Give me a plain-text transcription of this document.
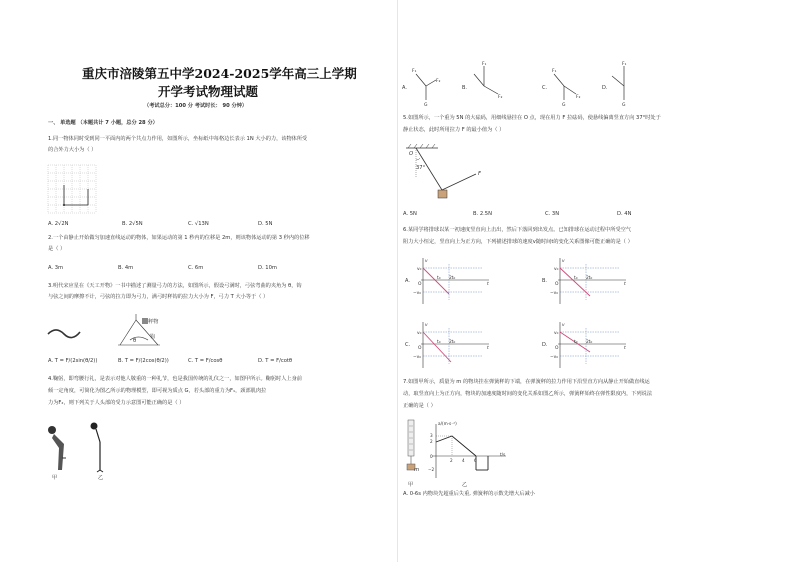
重庆市涪陵第五中学2024-2025学年高三上学期
开学考试物理试题
（考试总分：100 分 考试时长： 90 分钟）
一、 单选题 （本题共计 7 小题，总分 28 分）
1.同一物体同时受到同一平面内的两个共点力作用，如图所示，坐标纸中每格边长表示 1N 大小的力，该物体所受
的合外力大小为（ ）
A. 2√2N	B. 2√5N	C. √13N	D. 5N
2.一个由静止开始做匀加速直线运动的物体，如果运动的第 1 秒内的位移是 2m，则该物体运动的第 3 秒内的位移
是（ ）
A. 3m	B. 4m	C. 6m	D. 10m
3.明代宋应星在《天工开物》一书中描述了测量弓力的方法，如图所示，假设弓满时，弓弦弯曲的夹角为 θ，钩
与弦之间的摩擦不计，弓弦的拉力即为弓力，满弓时秤钩的拉力大小为 F，弓力 T 大小等于（ ）
秤物
钩
θ
A. T = F/(2sin(θ/2))	B. T = F/(2cos(θ/2))	C. T = F/cosθ	D. T = F/cotθ
4.鞠躬，即弯腰行礼，是表示对他人敬重的一种礼节，也是我国传统的礼仪之一，如图甲所示。鞠躬时人上身前
倾一定角度，可简化为图乙所示的物理模型，即可视为质点 G，若头部的重力为F₁，颈部肌肉拉
力为F₂，则下列关于人头部的受力示意图可能正确的是（ ）
甲	乙
A.	B.	C.	D.
F₁
F₂
G
F₁
F₂
F₁
F₂
G
F₁
G
5.如图所示，一个重为 5N 的大砝码，用细线悬挂在 O 点，现在用力 F 拉砝码，使悬线偏离竖直方向 37°时处于
静止状态，此时所用拉力 F 的最小值为（ ）
O
37°
F
A. 5N	B. 2.5N	C. 3N	D. 4N
6.某同学将排球以某一初速度竖直向上击出，然后下落回到出发点。已知排球在运动过程中所受空气
阻力大小恒定，竖直向上为正方向，下列描述排球的速度v随时间t的变化关系图像可能正确的是（ ）
A.
v
t
O
v₀
−v₀
t₀ 2t₀	B.
v
t
O
v₀
−v₀
t₀ 2t₀
C.
v
t
O
v₀
−v₀
t₀ 2t₀	D.
v
t
O
v₀
−v₀
t₀ 2t₀
7.如图甲所示，质量为 m 的物块挂在弹簧秤的下端，在弹簧秤的拉力作用下沿竖直方向从静止开始做直线运
动，取竖直向上为正方向，物块的加速度随时间的变化关系如图乙所示，弹簧秤始终在弹性限度内，下列说法
正确的是（ ）
m
甲
a/(m·s⁻²)
t/s
3
2
0
2 4 6
−2
乙
A. 0-6s 内物块先超重后失重, 弹簧秤的示数先增大后减小
